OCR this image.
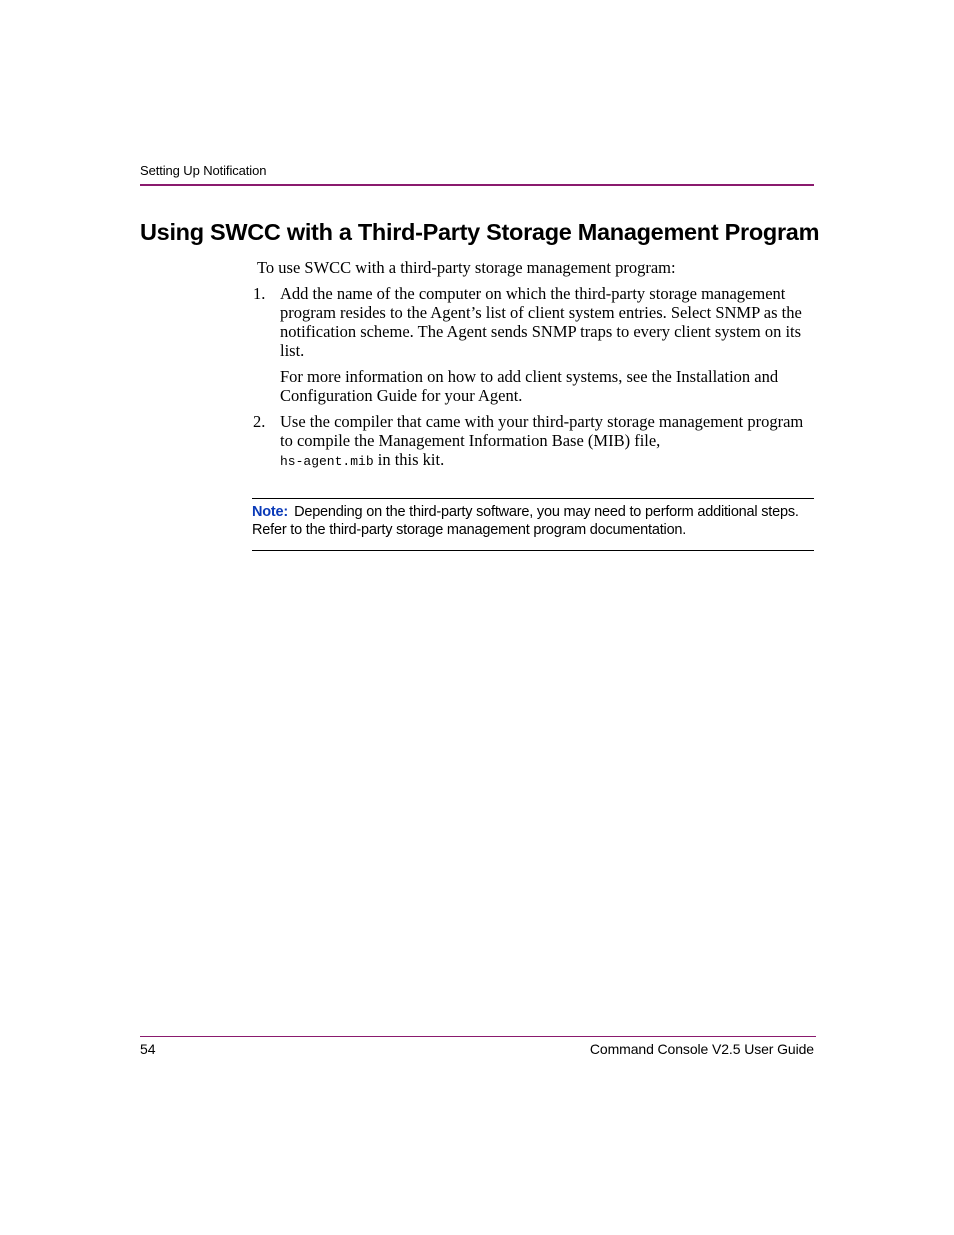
Setting Up Notification
Using SWCC with a Third-Party Storage Management Program
To use SWCC with a third-party storage management program:
1. Add the name of the computer on which the third-party storage management program resides to the Agent’s list of client system entries. Select SNMP as the notification scheme. The Agent sends SNMP traps to every client system on its list.
For more information on how to add client systems, see the Installation and Configuration Guide for your Agent.
2. Use the compiler that came with your third-party storage management program to compile the Management Information Base (MIB) file,
hs-agent.mib in this kit.
Note: Depending on the third-party software, you may need to perform additional steps. Refer to the third-party storage management program documentation.
54	Command Console V2.5 User Guide
